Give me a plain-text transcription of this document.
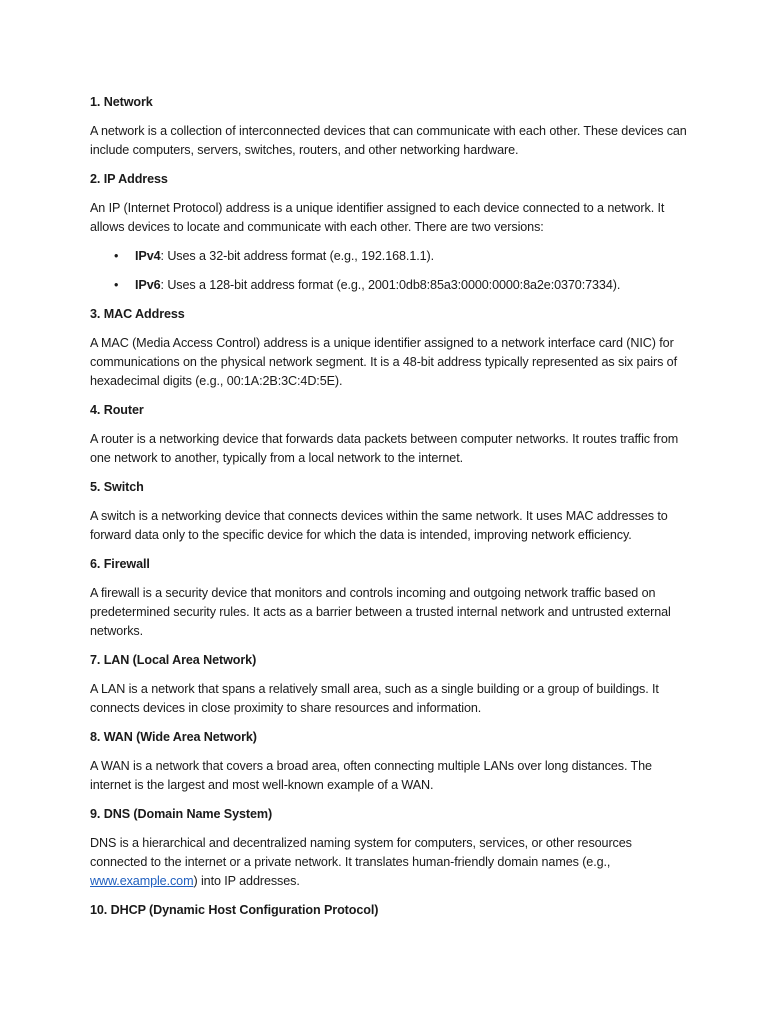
1. Network

A network is a collection of interconnected devices that can communicate with each other. These devices can include computers, servers, switches, routers, and other networking hardware.

2. IP Address

An IP (Internet Protocol) address is a unique identifier assigned to each device connected to a network. It allows devices to locate and communicate with each other. There are two versions:

• IPv4: Uses a 32-bit address format (e.g., 192.168.1.1).
• IPv6: Uses a 128-bit address format (e.g., 2001:0db8:85a3:0000:0000:8a2e:0370:7334).

3. MAC Address

A MAC (Media Access Control) address is a unique identifier assigned to a network interface card (NIC) for communications on the physical network segment. It is a 48-bit address typically represented as six pairs of hexadecimal digits (e.g., 00:1A:2B:3C:4D:5E).

4. Router

A router is a networking device that forwards data packets between computer networks. It routes traffic from one network to another, typically from a local network to the internet.

5. Switch

A switch is a networking device that connects devices within the same network. It uses MAC addresses to forward data only to the specific device for which the data is intended, improving network efficiency.

6. Firewall

A firewall is a security device that monitors and controls incoming and outgoing network traffic based on predetermined security rules. It acts as a barrier between a trusted internal network and untrusted external networks.

7. LAN (Local Area Network)

A LAN is a network that spans a relatively small area, such as a single building or a group of buildings. It connects devices in close proximity to share resources and information.

8. WAN (Wide Area Network)

A WAN is a network that covers a broad area, often connecting multiple LANs over long distances. The internet is the largest and most well-known example of a WAN.

9. DNS (Domain Name System)

DNS is a hierarchical and decentralized naming system for computers, services, or other resources connected to the internet or a private network. It translates human-friendly domain names (e.g., www.example.com) into IP addresses.

10. DHCP (Dynamic Host Configuration Protocol)
